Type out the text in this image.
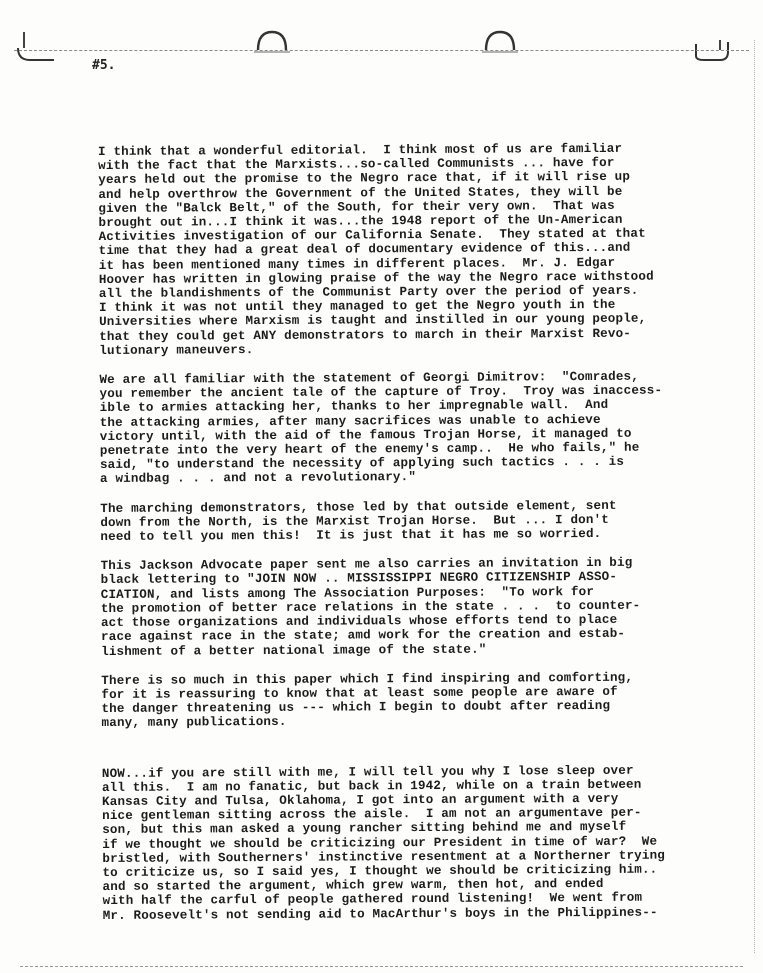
#5.
I think that a wonderful editorial.  I think most of us are familiar
with the fact that the Marxists...so-called Communists ... have for
years held out the promise to the Negro race that, if it will rise up
and help overthrow the Government of the United States, they will be
given the "Balck Belt," of the South, for their very own.  That was
brought out in...I think it was...the 1948 report of the Un-American
Activities investigation of our California Senate.  They stated at that
time that they had a great deal of documentary evidence of this...and
it has been mentioned many times in different places.  Mr. J. Edgar
Hoover has written in glowing praise of the way the Negro race withstood
all the blandishments of the Communist Party over the period of years.
I think it was not until they managed to get the Negro youth in the
Universities where Marxism is taught and instilled in our young people,
that they could get ANY demonstrators to march in their Marxist Revo-
lutionary maneuvers.
We are all familiar with the statement of Georgi Dimitrov:  "Comrades,
you remember the ancient tale of the capture of Troy.  Troy was inaccess-
ible to armies attacking her, thanks to her impregnable wall.  And
the attacking armies, after many sacrifices was unable to achieve
victory until, with the aid of the famous Trojan Horse, it managed to
penetrate into the very heart of the enemy's camp..  He who fails," he
said, "to understand the necessity of applying such tactics . . . is
a windbag . . . and not a revolutionary."
The marching demonstrators, those led by that outside element, sent
down from the North, is the Marxist Trojan Horse.  But ... I don't
need to tell you men this!  It is just that it has me so worried.
This Jackson Advocate paper sent me also carries an invitation in big
black lettering to "JOIN NOW .. MISSISSIPPI NEGRO CITIZENSHIP ASSO-
CIATION, and lists among The Association Purposes:  "To work for
the promotion of better race relations in the state . . .  to counter-
act those organizations and individuals whose efforts tend to place
race against race in the state; amd work for the creation and estab-
lishment of a better national image of the state."
There is so much in this paper which I find inspiring and comforting,
for it is reassuring to know that at least some people are aware of
the danger threatening us --- which I begin to doubt after reading
many, many publications.
NOW...if you are still with me, I will tell you why I lose sleep over
all this.  I am no fanatic, but back in 1942, while on a train between
Kansas City and Tulsa, Oklahoma, I got into an argument with a very
nice gentleman sitting across the aisle.  I am not an argumentave per-
son, but this man asked a young rancher sitting behind me and myself
if we thought we should be criticizing our President in time of war?  We
bristled, with Southerners' instinctive resentment at a Northerner trying
to criticize us, so I said yes, I thought we should be criticizing him..
and so started the argument, which grew warm, then hot, and ended
with half the carful of people gathered round listening!  We went from
Mr. Roosevelt's not sending aid to MacArthur's boys in the Philippines--
